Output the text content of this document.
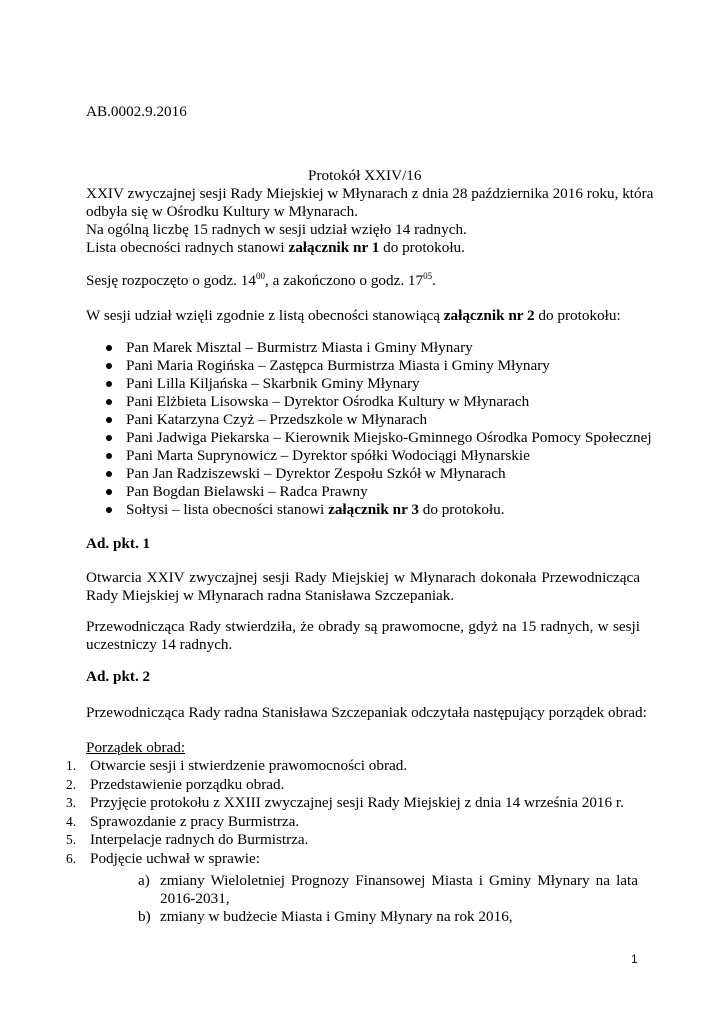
AB.0002.9.2016
Protokół XXIV/16
XXIV zwyczajnej sesji Rady Miejskiej w Młynarach z dnia 28 października 2016 roku, która
odbyła się w Ośrodku Kultury w Młynarach.
Na ogólną liczbę 15 radnych w sesji udział wzięło 14 radnych.
Lista obecności radnych stanowi załącznik nr 1 do protokołu.
Sesję rozpoczęto o godz. $14^{00}$, a zakończono o godz. $17^{05}$.
W sesji udział wzięli zgodnie z listą obecności stanowiącą załącznik nr 2 do protokołu:
Pan Marek Misztal – Burmistrz Miasta i Gminy Młynary
Pani Maria Rogińska – Zastępca Burmistrza Miasta i Gminy Młynary
Pani Lilla Kiljańska – Skarbnik Gminy Młynary
Pani Elżbieta Lisowska – Dyrektor Ośrodka Kultury w Młynarach
Pani Katarzyna Czyż – Przedszkole w Młynarach
Pani Jadwiga Piekarska – Kierownik Miejsko-Gminnego Ośrodka Pomocy Społecznej
Pani Marta Suprynowicz – Dyrektor spółki Wodociągi Młynarskie
Pan Jan Radziszewski – Dyrektor Zespołu Szkół w Młynarach
Pan Bogdan Bielawski – Radca Prawny
Sołtysi – lista obecności stanowi załącznik nr 3 do protokołu.
Ad. pkt. 1
Otwarcia XXIV zwyczajnej sesji Rady Miejskiej w Młynarach dokonała Przewodnicząca
Rady Miejskiej w Młynarach radna Stanisława Szczepaniak.
Przewodnicząca Rady stwierdziła, że obrady są prawomocne, gdyż na 15 radnych, w sesji
uczestniczy 14 radnych.
Ad. pkt. 2
Przewodnicząca Rady radna Stanisława Szczepaniak odczytała następujący porządek obrad:
Porządek obrad:
1. Otwarcie sesji i stwierdzenie prawomocności obrad.
2. Przedstawienie porządku obrad.
3. Przyjęcie protokołu z XXIII zwyczajnej sesji Rady Miejskiej z dnia 14 września 2016 r.
4. Sprawozdanie z pracy Burmistrza.
5. Interpelacje radnych do Burmistrza.
6. Podjęcie uchwał w sprawie:
a) zmiany Wieloletniej Prognozy Finansowej Miasta i Gminy Młynary na lata
2016-2031,
b) zmiany w budżecie Miasta i Gminy Młynary na rok 2016,
1
